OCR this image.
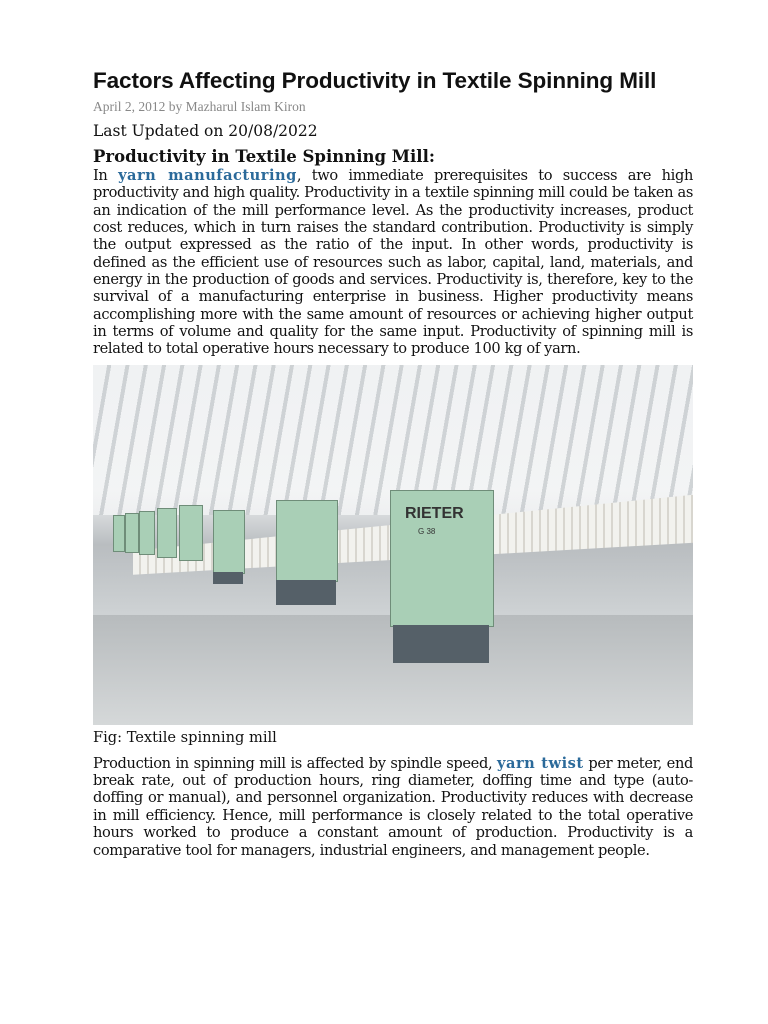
Factors Affecting Productivity in Textile Spinning Mill
April 2, 2012 by Mazharul Islam Kiron
Last Updated on 20/08/2022
Productivity in Textile Spinning Mill:

In yarn manufacturing, two immediate prerequisites to success are high productivity and high quality. Productivity in a textile spinning mill could be taken as an indication of the mill performance level. As the productivity increases, product cost reduces, which in turn raises the standard contribution. Productivity is simply the output expressed as the ratio of the input. In other words, productivity is defined as the efficient use of resources such as labor, capital, land, materials, and energy in the production of goods and services. Productivity is, therefore, key to the survival of a manufacturing enterprise in business. Higher productivity means accomplishing more with the same amount of resources or achieving higher output in terms of volume and quality for the same input. Productivity of spinning mill is related to total operative hours necessary to produce 100 kg of yarn.

RIETER
G 38
Fig: Textile spinning mill

Production in spinning mill is affected by spindle speed, yarn twist per meter, end break rate, out of production hours, ring diameter, doffing time and type (auto-doffing or manual), and personnel organization. Productivity reduces with decrease in mill efficiency. Hence, mill performance is closely related to the total operative hours worked to produce a constant amount of production. Productivity is a comparative tool for managers, industrial engineers, and management people.
